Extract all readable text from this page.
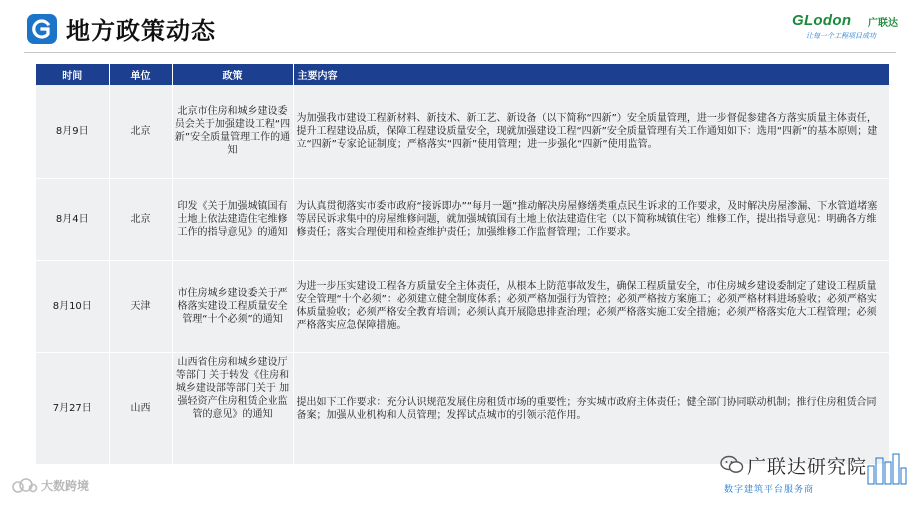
地方政策动态	GLodon 广联达
让每一个工程项目成功
时间	单位	政策	主要内容
8月9日	北京	北京市住房和城乡建设委员会关于加强建设工程“四新”安全质量管理工作的通知	为加强我市建设工程新材料、新技术、新工艺、新设备（以下简称“四新”）安全质量管理，进一步督促参建各方落实质量主体责任，提升工程建设品质，保障工程建设质量安全，现就加强建设工程“四新”安全质量管理有关工作通知如下：选用“四新”的基本原则；建立“四新”专家论证制度；严格落实“四新”使用管理；进一步强化“四新”使用监管。
8月4日	北京	印发《关于加强城镇国有土地上依法建造住宅维修工作的指导意见》的通知	为认真贯彻落实市委市政府“接诉即办”“每月一题”推动解决房屋修缮类重点民生诉求的工作要求，及时解决房屋渗漏、下水管道堵塞等居民诉求集中的房屋维修问题，就加强城镇国有土地上依法建造住宅（以下简称城镇住宅）维修工作，提出指导意见：明确各方维修责任；落实合理使用和检查维护责任；加强维修工作监督管理；工作要求。
8月10日	天津	市住房城乡建设委关于严格落实建设工程质量安全管理“十个必须”的通知	为进一步压实建设工程各方质量安全主体责任，从根本上防范事故发生，确保工程质量安全，市住房城乡建设委制定了建设工程质量安全管理“十个必须”：必须建立健全制度体系；必须严格加强行为管控；必须严格按方案施工；必须严格材料进场验收；必须严格实体质量验收；必须严格安全教育培训；必须认真开展隐患排查治理；必须严格落实施工安全措施；必须严格落实危大工程管理；必须严格落实应急保障措施。
7月27日	山西	山西省住房和城乡建设厅等部门 关于转发《住房和城乡建设部等部门关于 加强轻资产住房租赁企业监管的意见》的通知	提出如下工作要求：充分认识规范发展住房租赁市场的重要性；夯实城市政府主体责任；健全部门协同联动机制；推行住房租赁合同备案；加强从业机构和人员管理；发挥试点城市的引领示范作用。
大数跨境
广联达研究院
数字建筑平台服务商
